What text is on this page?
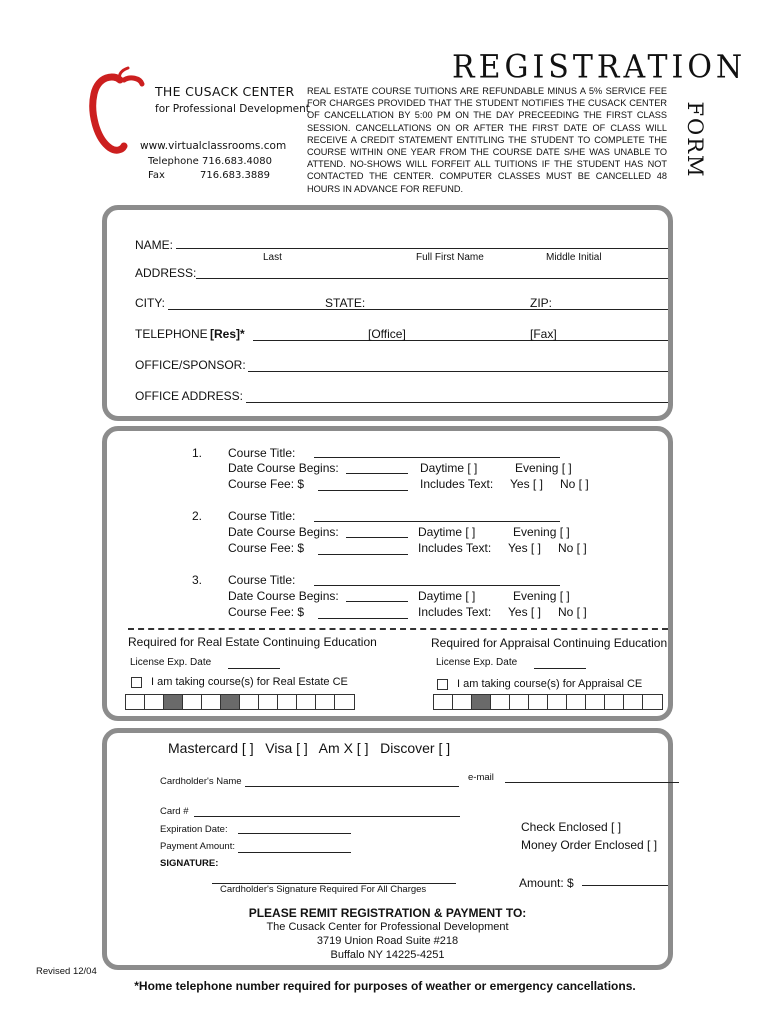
THE CUSACK CENTER
for Professional Development
www.virtualclassrooms.com
Telephone 716.683.4080
Fax	716.683.3889
REGISTRATION
FORM
REAL ESTATE COURSE TUITIONS ARE REFUNDABLE MINUS A 5% SERVICE FEE FOR CHARGES PROVIDED THAT THE STUDENT NOTIFIES THE CUSACK CENTER OF CANCELLATION BY 5:00 PM ON THE DAY PRECEEDING THE FIRST CLASS SESSION. CANCELLATIONS ON OR AFTER THE FIRST DATE OF CLASS WILL RECEIVE A CREDIT STATEMENT ENTITLING THE STUDENT TO COMPLETE THE COURSE WITHIN ONE YEAR FROM THE COURSE DATE S/HE WAS UNABLE TO ATTEND. NO-SHOWS WILL FORFEIT ALL TUITIONS IF THE STUDENT HAS NOT CONTACTED THE CENTER. COMPUTER CLASSES MUST BE CANCELLED 48 HOURS IN ADVANCE FOR REFUND.
NAME:
Last	Full First Name	Middle Initial
ADDRESS:
CITY:	STATE:	ZIP:
TELEPHONE [Res]*	[Office]	[Fax]
OFFICE/SPONSOR:
OFFICE ADDRESS:
1. Course Title:
Date Course Begins:	Daytime [ ]	Evening [ ]
Course Fee: $	Includes Text: Yes [ ] No [ ]
2. Course Title:
Date Course Begins:	Daytime [ ]	Evening [ ]
Course Fee: $	Includes Text: Yes [ ] No [ ]
3. Course Title:
Date Course Begins:	Daytime [ ]	Evening [ ]
Course Fee: $	Includes Text: Yes [ ] No [ ]
Required for Real Estate Continuing Education
License Exp. Date
I am taking course(s) for Real Estate CE
Required for Appraisal Continuing Education
License Exp. Date
I am taking course(s) for Appraisal CE
Mastercard [ ]   Visa [ ]   Am X [ ]   Discover [ ]
Cardholder's Name	e-mail
Card #
Expiration Date:
Payment Amount:
SIGNATURE:
Cardholder's Signature Required For All Charges
Check Enclosed [ ]
Money Order Enclosed [ ]
Amount: $
PLEASE REMIT REGISTRATION & PAYMENT TO:
The Cusack Center for Professional Development
3719 Union Road Suite #218
Buffalo NY 14225-4251
Revised 12/04
*Home telephone number required for purposes of weather or emergency cancellations.
